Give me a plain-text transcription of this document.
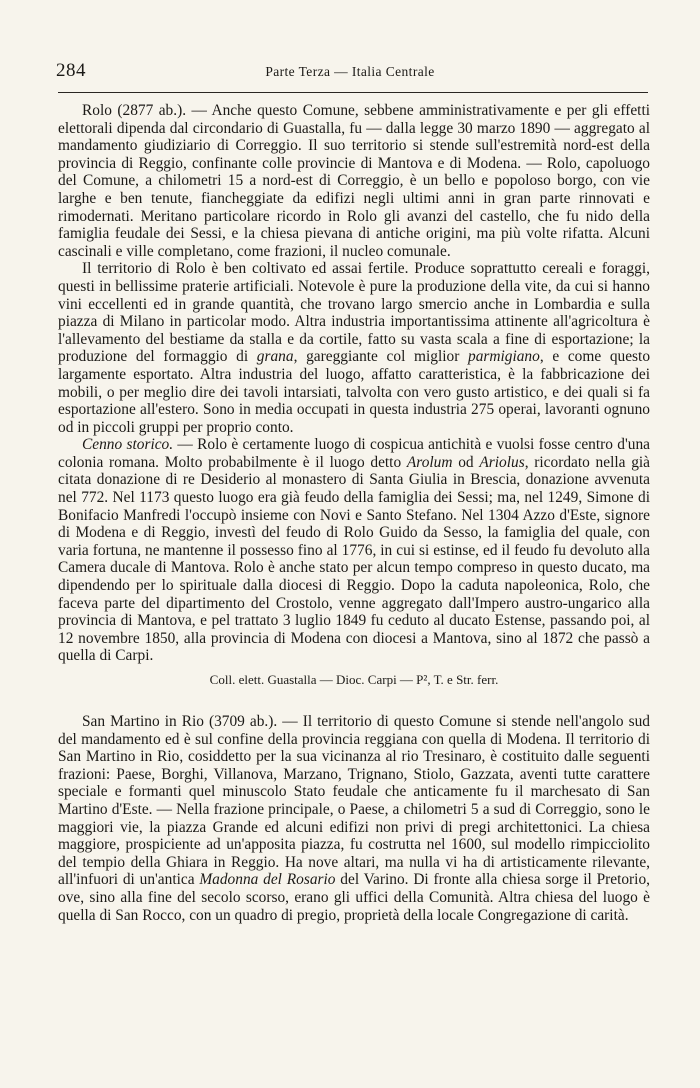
284	Parte Terza — Italia Centrale

Rolo (2877 ab.). — Anche questo Comune, sebbene amministrativamente e per gli effetti elettorali dipenda dal circondario di Guastalla, fu — dalla legge 30 marzo 1890 — aggregato al mandamento giudiziario di Correggio. Il suo territorio si stende sull'estremità nord-est della provincia di Reggio, confinante colle provincie di Mantova e di Modena. — Rolo, capoluogo del Comune, a chilometri 15 a nord-est di Correggio, è un bello e popoloso borgo, con vie larghe e ben tenute, fiancheggiate da edifizi negli ultimi anni in gran parte rinnovati e rimodernati. Meritano particolare ricordo in Rolo gli avanzi del castello, che fu nido della famiglia feudale dei Sessi, e la chiesa pievana di antiche origini, ma più volte rifatta. Alcuni cascinali e ville completano, come frazioni, il nucleo comunale.

Il territorio di Rolo è ben coltivato ed assai fertile. Produce soprattutto cereali e foraggi, questi in bellissime praterie artificiali. Notevole è pure la produzione della vite, da cui si hanno vini eccellenti ed in grande quantità, che trovano largo smercio anche in Lombardia e sulla piazza di Milano in particolar modo. Altra industria importantissima attinente all'agricoltura è l'allevamento del bestiame da stalla e da cortile, fatto su vasta scala a fine di esportazione; la produzione del formaggio di grana, gareggiante col miglior parmigiano, e come questo largamente esportato. Altra industria del luogo, affatto caratteristica, è la fabbricazione dei mobili, o per meglio dire dei tavoli intarsiati, talvolta con vero gusto artistico, e dei quali si fa esportazione all'estero. Sono in media occupati in questa industria 275 operai, lavoranti ognuno od in piccoli gruppi per proprio conto.

Cenno storico. — Rolo è certamente luogo di cospicua antichità e vuolsi fosse centro d'una colonia romana. Molto probabilmente è il luogo detto Arolum od Ariolus, ricordato nella già citata donazione di re Desiderio al monastero di Santa Giulia in Brescia, donazione avvenuta nel 772. Nel 1173 questo luogo era già feudo della famiglia dei Sessi; ma, nel 1249, Simone di Bonifacio Manfredi l'occupò insieme con Novi e Santo Stefano. Nel 1304 Azzo d'Este, signore di Modena e di Reggio, investì del feudo di Rolo Guido da Sesso, la famiglia del quale, con varia fortuna, ne mantenne il possesso fino al 1776, in cui si estinse, ed il feudo fu devoluto alla Camera ducale di Mantova. Rolo è anche stato per alcun tempo compreso in questo ducato, ma dipendendo per lo spirituale dalla diocesi di Reggio. Dopo la caduta napoleonica, Rolo, che faceva parte del dipartimento del Crostolo, venne aggregato dall'Impero austro-ungarico alla provincia di Mantova, e pel trattato 3 luglio 1849 fu ceduto al ducato Estense, passando poi, al 12 novembre 1850, alla provincia di Modena con diocesi a Mantova, sino al 1872 che passò a quella di Carpi.

Coll. elett. Guastalla — Dioc. Carpi — P², T. e Str. ferr.

San Martino in Rio (3709 ab.). — Il territorio di questo Comune si stende nell'angolo sud del mandamento ed è sul confine della provincia reggiana con quella di Modena. Il territorio di San Martino in Rio, cosiddetto per la sua vicinanza al rio Tresinaro, è costituito dalle seguenti frazioni: Paese, Borghi, Villanova, Marzano, Trignano, Stiolo, Gazzata, aventi tutte carattere speciale e formanti quel minuscolo Stato feudale che anticamente fu il marchesato di San Martino d'Este. — Nella frazione principale, o Paese, a chilometri 5 a sud di Correggio, sono le maggiori vie, la piazza Grande ed alcuni edifizi non privi di pregi architettonici. La chiesa maggiore, prospiciente ad un'apposita piazza, fu costrutta nel 1600, sul modello rimpicciolito del tempio della Ghiara in Reggio. Ha nove altari, ma nulla vi ha di artisticamente rilevante, all'infuori di un'antica Madonna del Rosario del Varino. Di fronte alla chiesa sorge il Pretorio, ove, sino alla fine del secolo scorso, erano gli uffici della Comunità. Altra chiesa del luogo è quella di San Rocco, con un quadro di pregio, proprietà della locale Congregazione di carità.
